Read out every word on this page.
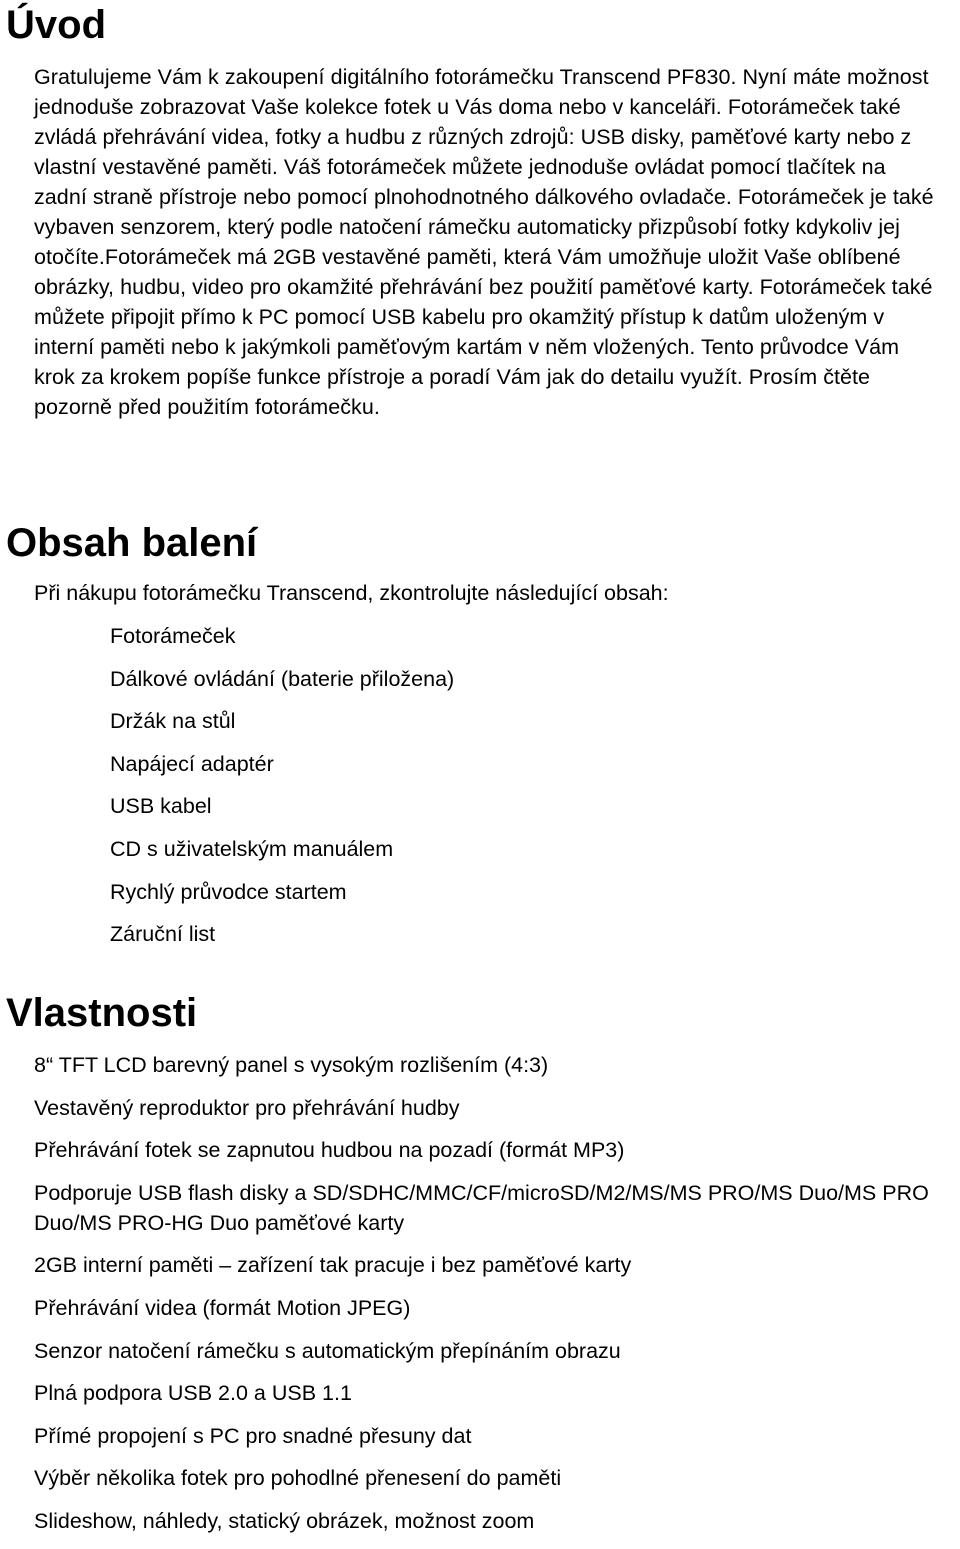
Úvod

Gratulujeme Vám k zakoupení digitálního fotorámečku Transcend PF830. Nyní máte možnost jednoduše zobrazovat Vaše kolekce fotek u Vás doma nebo v kanceláři. Fotorámeček také zvládá přehrávání videa, fotky a hudbu z různých zdrojů: USB disky, paměťové karty nebo z vlastní vestavěné paměti. Váš fotorámeček můžete jednoduše ovládat pomocí tlačítek na zadní straně přístroje nebo pomocí plnohodnotného dálkového ovladače. Fotorámeček je také vybaven senzorem, který podle natočení rámečku automaticky přizpůsobí fotky kdykoliv jej otočíte.Fotorámeček má 2GB vestavěné paměti, která Vám umožňuje uložit Vaše oblíbené obrázky, hudbu, video pro okamžité přehrávání bez použití paměťové karty. Fotorámeček také můžete připojit přímo k PC pomocí USB kabelu pro okamžitý přístup k datům uloženým v interní paměti nebo k jakýmkoli paměťovým kartám v něm vložených. Tento průvodce Vám krok za krokem popíše funkce přístroje a poradí Vám jak do detailu využít. Prosím čtěte pozorně před použitím fotorámečku.

Obsah balení

Při nákupu fotorámečku Transcend, zkontrolujte následující obsah:

Fotorámeček
Dálkové ovládání (baterie přiložena)
Držák na stůl
Napájecí adaptér
USB kabel
CD s uživatelským manuálem
Rychlý průvodce startem
Záruční list
Vlastnosti
8“ TFT LCD barevný panel s vysokým rozlišením (4:3)
Vestavěný reproduktor pro přehrávání hudby
Přehrávání fotek se zapnutou hudbou na pozadí (formát MP3)
Podporuje USB flash disky a SD/SDHC/MMC/CF/microSD/M2/MS/MS PRO/MS Duo/MS PRO Duo/MS PRO-HG Duo paměťové karty
2GB interní paměti – zařízení tak pracuje i bez paměťové karty
Přehrávání videa (formát Motion JPEG)
Senzor natočení rámečku s automatickým přepínáním obrazu
Plná podpora USB 2.0 a USB 1.1
Přímé propojení s PC pro snadné přesuny dat
Výběr několika fotek pro pohodlné přenesení do paměti
Slideshow, náhledy, statický obrázek, možnost zoom
